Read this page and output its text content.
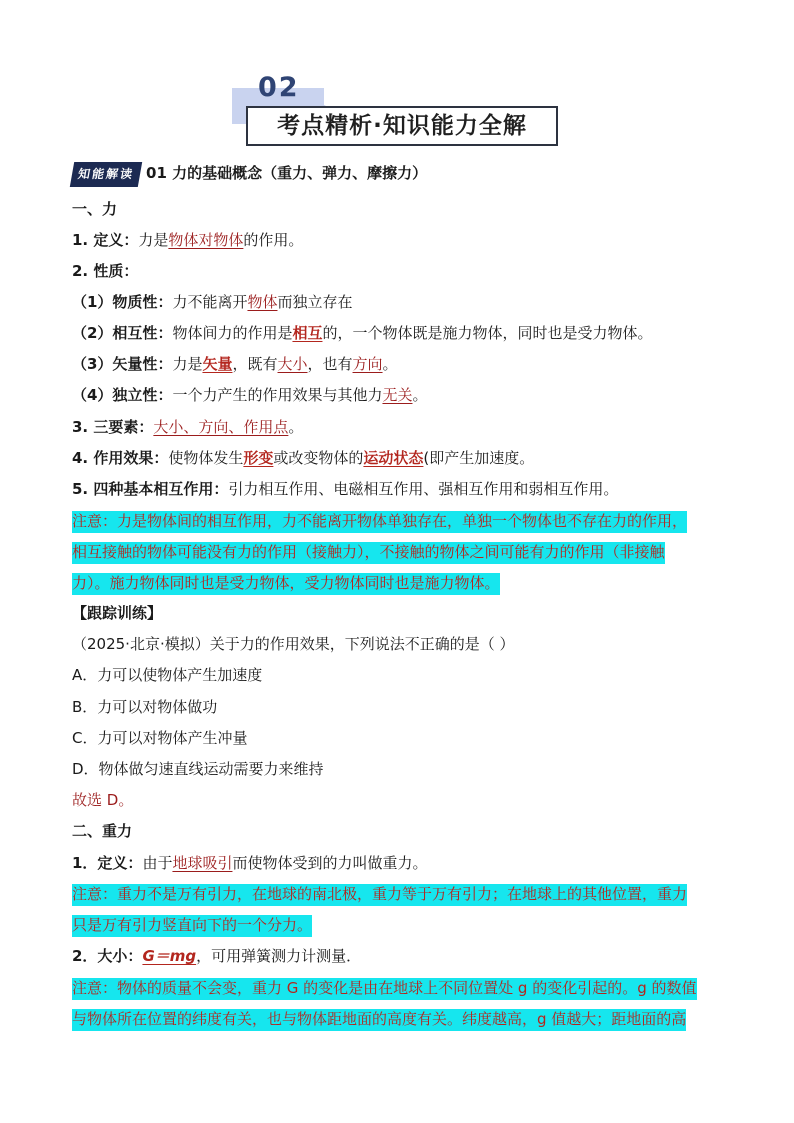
02
考点精析·知识能力全解
知能解读 01 力的基础概念（重力、弹力、摩擦力）
一、力
1. 定义：力是物体对物体的作用。
2. 性质：
（1）物质性：力不能离开物体而独立存在
（2）相互性：物体间力的作用是相互的，一个物体既是施力物体，同时也是受力物体。
（3）矢量性：力是矢量，既有大小，也有方向。
（4）独立性：一个力产生的作用效果与其他力无关。
3. 三要素：大小、方向、作用点。
4. 作用效果：使物体发生形变或改变物体的运动状态(即产生加速度。
5. 四种基本相互作用：引力相互作用、电磁相互作用、强相互作用和弱相互作用。
注意：力是物体间的相互作用，力不能离开物体单独存在，单独一个物体也不存在力的作用，
相互接触的物体可能没有力的作用（接触力），不接触的物体之间可能有力的作用（非接触
力）。施力物体同时也是受力物体，受力物体同时也是施力物体。
【跟踪训练】
（2025·北京·模拟）关于力的作用效果，下列说法不正确的是（ ）
A．力可以使物体产生加速度
B．力可以对物体做功
C．力可以对物体产生冲量
D．物体做匀速直线运动需要力来维持
故选 D。
二、重力
1．定义：由于地球吸引而使物体受到的力叫做重力。
注意：重力不是万有引力，在地球的南北极，重力等于万有引力；在地球上的其他位置，重力
只是万有引力竖直向下的一个分力。
2．大小：G＝mg，可用弹簧测力计测量．
注意：物体的质量不会变，重力 G 的变化是由在地球上不同位置处 g 的变化引起的。g 的数值
与物体所在位置的纬度有关，也与物体距地面的高度有关。纬度越高，g 值越大；距地面的高
